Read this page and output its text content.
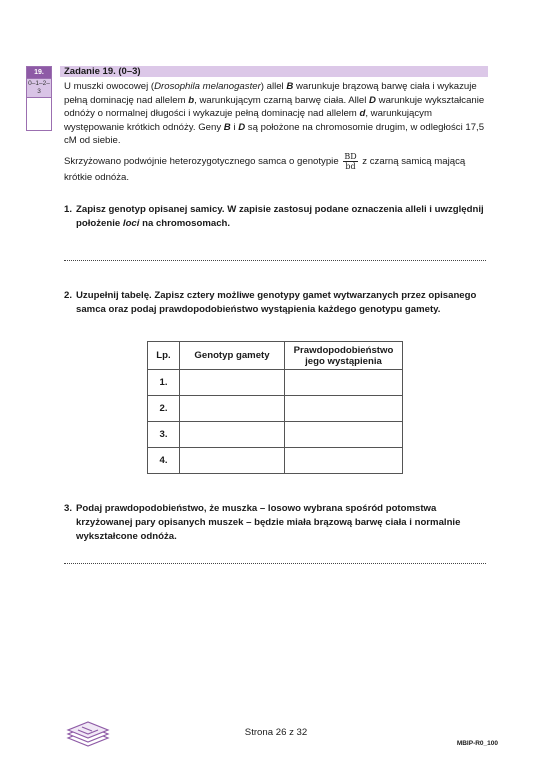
19.
0–1–2–3
Zadanie 19. (0–3)
U muszki owocowej (Drosophila melanogaster) allel B warunkuje brązową barwę ciała i wykazuje pełną dominację nad allelem b, warunkującym czarną barwę ciała. Allel D warunkuje wykształcanie odnóży o normalnej długości i wykazuje pełną dominację nad allelem d, warunkującym występowanie krótkich odnóży. Geny B i D są położone na chromosomie drugim, w odległości 17,5 cM od siebie.
Skrzyżowano podwójnie heterozygotycznego samca o genotypie $\frac{BD}{bd}$ z czarną samicą mającą krótkie odnóża.
1. Zapisz genotyp opisanej samicy. W zapisie zastosuj podane oznaczenia alleli i uwzględnij położenie loci na chromosomach.
2. Uzupełnij tabelę. Zapisz cztery możliwe genotypy gamet wytwarzanych przez opisanego samca oraz podaj prawdopodobieństwo wystąpienia każdego genotypu gamety.
Lp.	Genotyp gamety	Prawdopodobieństwo jego wystąpienia
1.		
2.		
3.		
4.		
3. Podaj prawdopodobieństwo, że muszka – losowo wybrana spośród potomstwa krzyżowanej pary opisanych muszek – będzie miała brązową barwę ciała i normalnie wykształcone odnóża.
Strona 26 z 32
MBIP-R0_100
